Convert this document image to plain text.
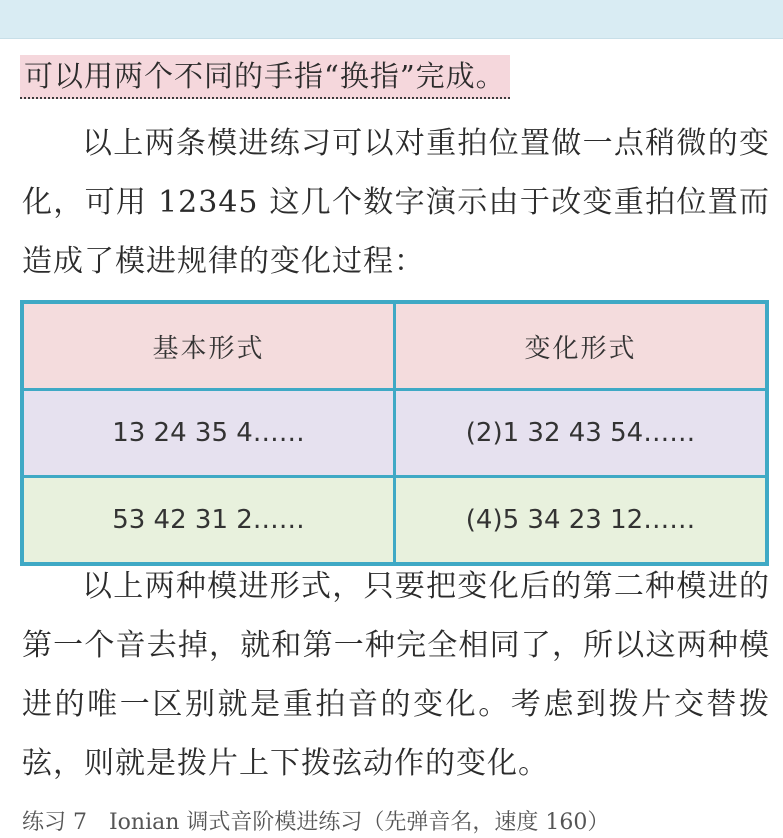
可以用两个不同的手指“换指”完成。

以上两条模进练习可以对重拍位置做一点稍微的变化，可用 12345 这几个数字演示由于改变重拍位置而造成了模进规律的变化过程：

基本形式	变化形式
13 24 35 4……	(2)1 32 43 54……
53 42 31 2……	(4)5 34 23 12……

以上两种模进形式，只要把变化后的第二种模进的第一个音去掉，就和第一种完全相同了，所以这两种模进的唯一区别就是重拍音的变化。考虑到拨片交替拨弦，则就是拨片上下拨弦动作的变化。

练习 7　Ionian 调式音阶模进练习（先弹音名，速度 160）
